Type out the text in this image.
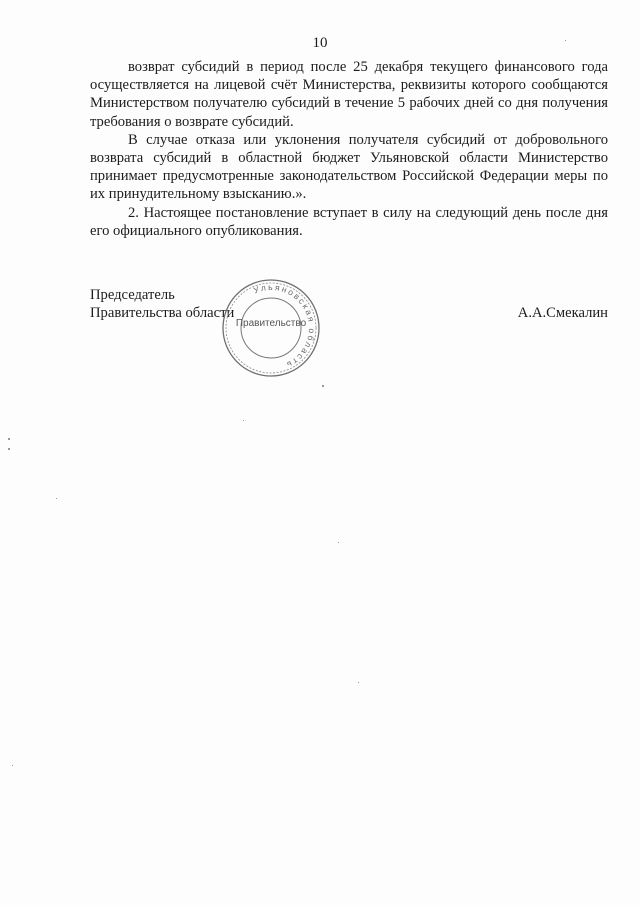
10

возврат субсидий в период после 25 декабря текущего финансового года осуществляется на лицевой счёт Министерства, реквизиты которого сообщаются Министерством получателю субсидий в течение 5 рабочих дней со дня получения требования о возврате субсидий.

В случае отказа или уклонения получателя субсидий от добровольного возврата субсидий в областной бюджет Ульяновской области Министерство принимает предусмотренные законодательством Российской Федерации меры по их принудительному взысканию.».

2. Настоящее постановление вступает в силу на следующий день после дня его официального опубликования.

Председатель
Правительства области
Ульяновская область
Правительство
А.А.Смекалин
